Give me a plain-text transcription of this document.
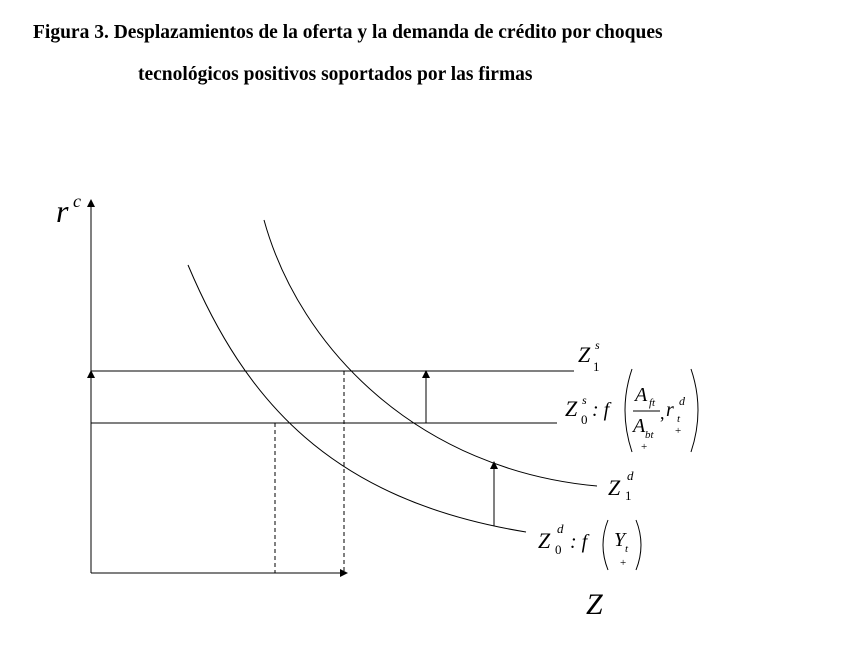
Figura 3. Desplazamientos de la oferta y la demanda de crédito por choques
tecnológicos positivos soportados por las firmas
r c
Z
Z s
1
Z s
0 : f
A ft
A bt
+
, r d
t
+
Z d
1
Z d
0 : f Y t
+
